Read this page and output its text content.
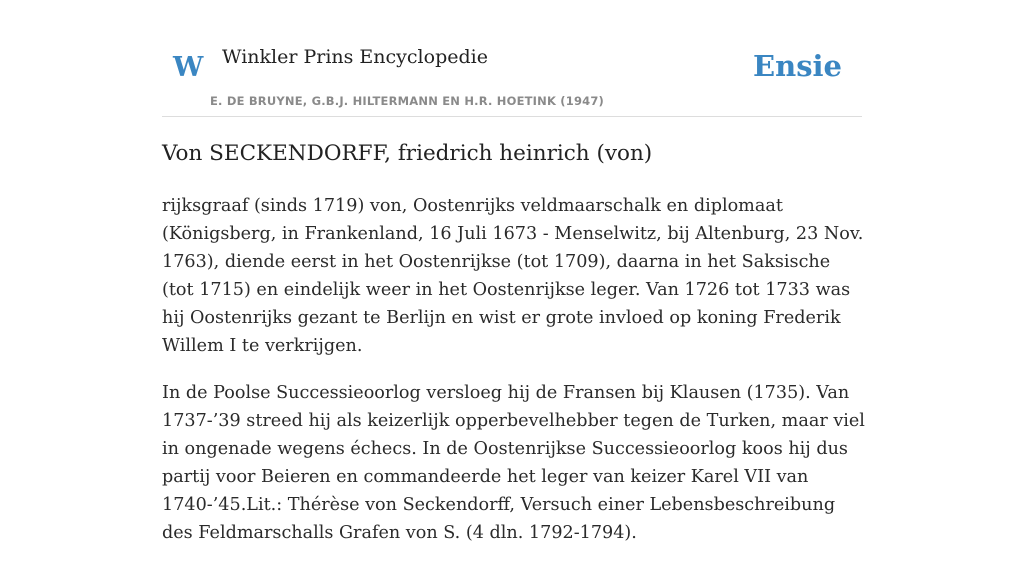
W Winkler Prins Encyclopedie
E. DE BRUYNE, G.B.J. HILTERMANN EN H.R. HOETINK (1947)
Ensie
Von SECKENDORFF, friedrich heinrich (von)

rijksgraaf (sinds 1719) von, Oostenrijks veldmaarschalk en diplomaat (Königsberg, in Frankenland, 16 Juli 1673 - Menselwitz, bij Altenburg, 23 Nov. 1763), diende eerst in het Oostenrijkse (tot 1709), daarna in het Saksische (tot 1715) en eindelijk weer in het Oostenrijkse leger. Van 1726 tot 1733 was hij Oostenrijks gezant te Berlijn en wist er grote invloed op koning Frederik Willem I te verkrijgen.

In de Poolse Successieoorlog versloeg hij de Fransen bij Klausen (1735). Van 1737-’39 streed hij als keizerlijk opperbevelhebber tegen de Turken, maar viel in ongenade wegens échecs. In de Oostenrijkse Successieoorlog koos hij dus partij voor Beieren en commandeerde het leger van keizer Karel VII van 1740-’45.Lit.: Thérèse von Seckendorff, Versuch einer Lebensbeschreibung des Feldmarschalls Grafen von S. (4 dln. 1792-1794).
